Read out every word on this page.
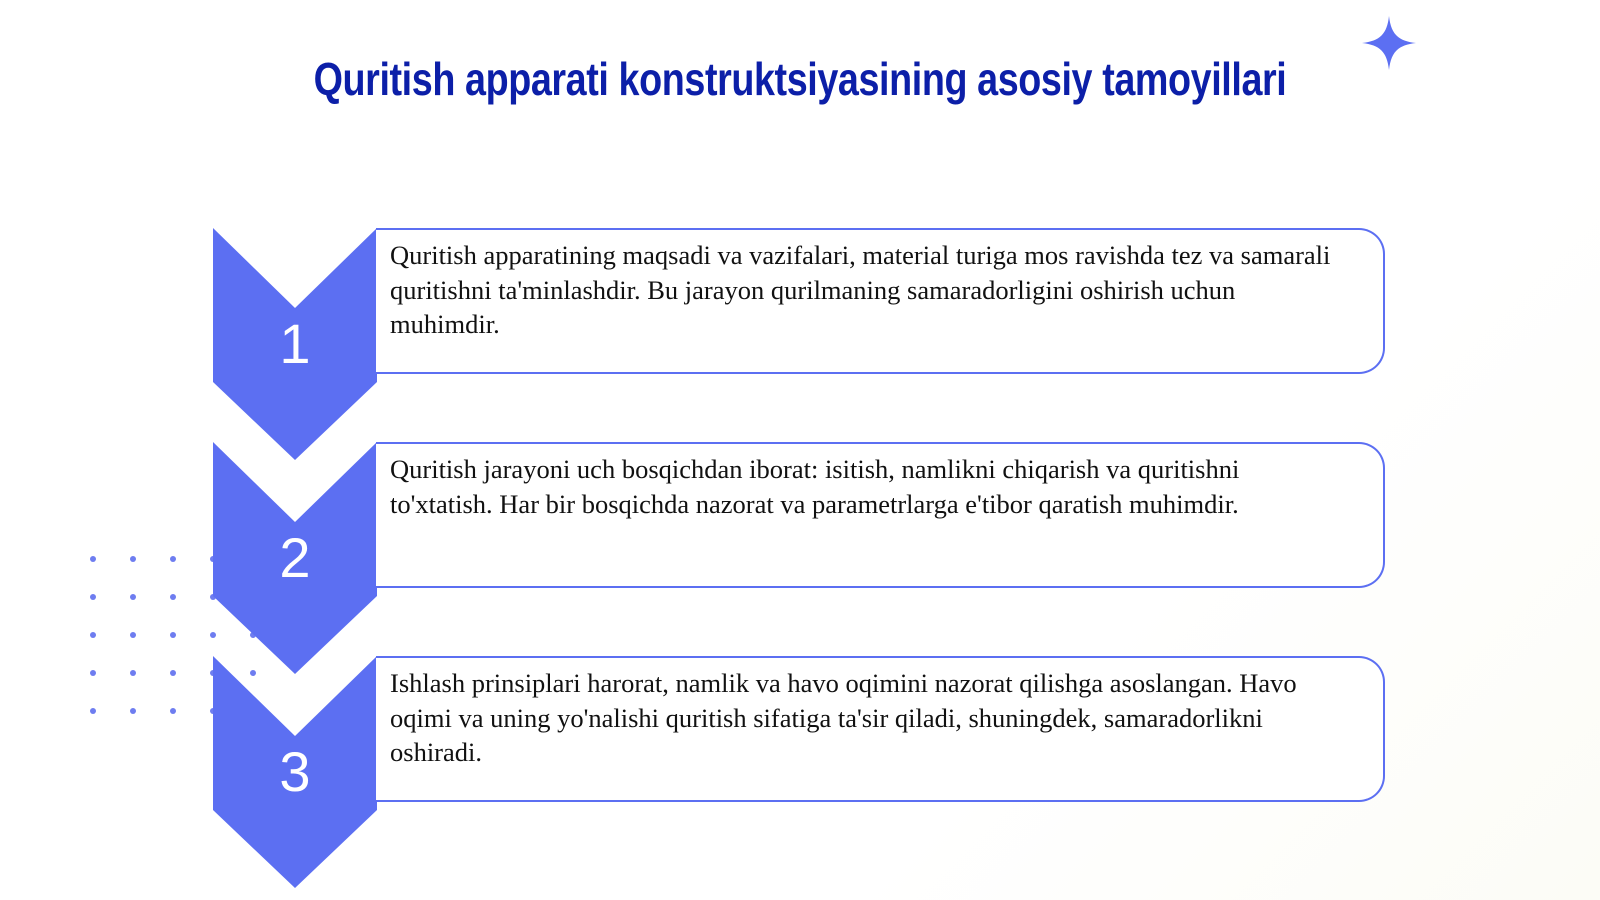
Quritish apparati konstruktsiyasining asosiy tamoyillari
1

Quritish apparatining maqsadi va vazifalari, material turiga mos ravishda tez va samarali quritishni ta'minlashdir. Bu jarayon qurilmaning samaradorligini oshirish uchun muhimdir.

2

Quritish jarayoni uch bosqichdan iborat: isitish, namlikni chiqarish va quritishni to'xtatish. Har bir bosqichda nazorat va parametrlarga e'tibor qaratish muhimdir.

3

Ishlash prinsiplari harorat, namlik va havo oqimini nazorat qilishga asoslangan. Havo oqimi va uning yo'nalishi quritish sifatiga ta'sir qiladi, shuningdek, samaradorlikni oshiradi.
